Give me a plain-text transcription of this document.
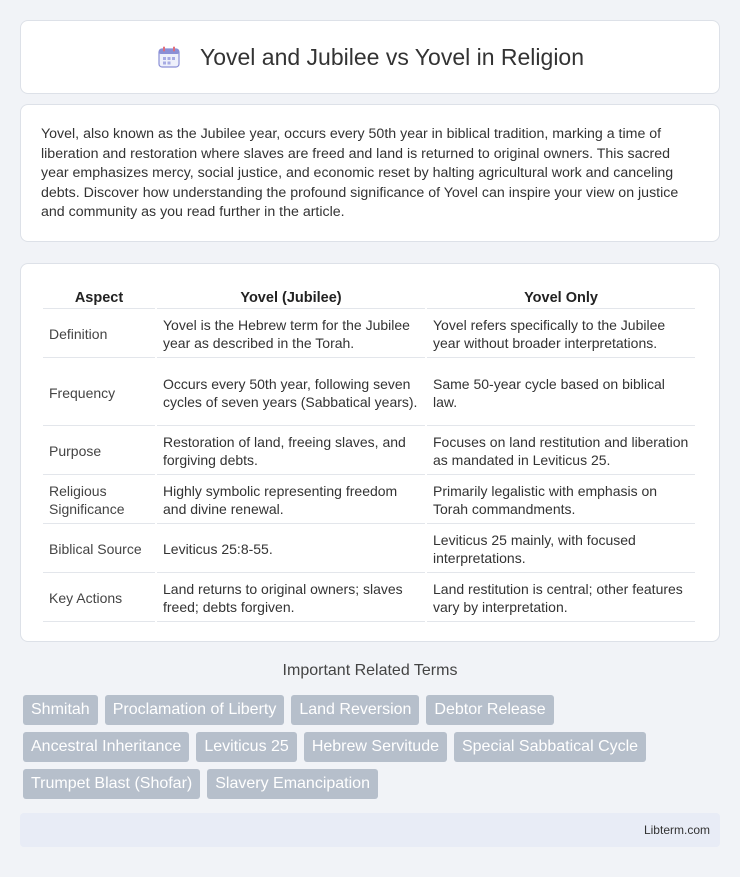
Yovel and Jubilee vs Yovel in Religion

Yovel, also known as the Jubilee year, occurs every 50th year in biblical tradition, marking a time of liberation and restoration where slaves are freed and land is returned to original owners. This sacred year emphasizes mercy, social justice, and economic reset by halting agricultural work and canceling debts. Discover how understanding the profound significance of Yovel can inspire your view on justice and community as you read further in the article.

Aspect	Yovel (Jubilee)	Yovel Only
Definition	Yovel is the Hebrew term for the Jubilee year as described in the Torah.	Yovel refers specifically to the Jubilee year without broader interpretations.
Frequency	Occurs every 50th year, following seven cycles of seven years (Sabbatical years).	Same 50-year cycle based on biblical law.
Purpose	Restoration of land, freeing slaves, and forgiving debts.	Focuses on land restitution and liberation as mandated in Leviticus 25.
Religious Significance	Highly symbolic representing freedom and divine renewal.	Primarily legalistic with emphasis on Torah commandments.
Biblical Source	Leviticus 25:8-55.	Leviticus 25 mainly, with focused interpretations.
Key Actions	Land returns to original owners; slaves freed; debts forgiven.	Land restitution is central; other features vary by interpretation.
Important Related Terms
Shmitah	Proclamation of Liberty	Land Reversion	Debtor Release
Ancestral Inheritance	Leviticus 25	Hebrew Servitude	Special Sabbatical Cycle
Trumpet Blast (Shofar)	Slavery Emancipation
Libterm.com
